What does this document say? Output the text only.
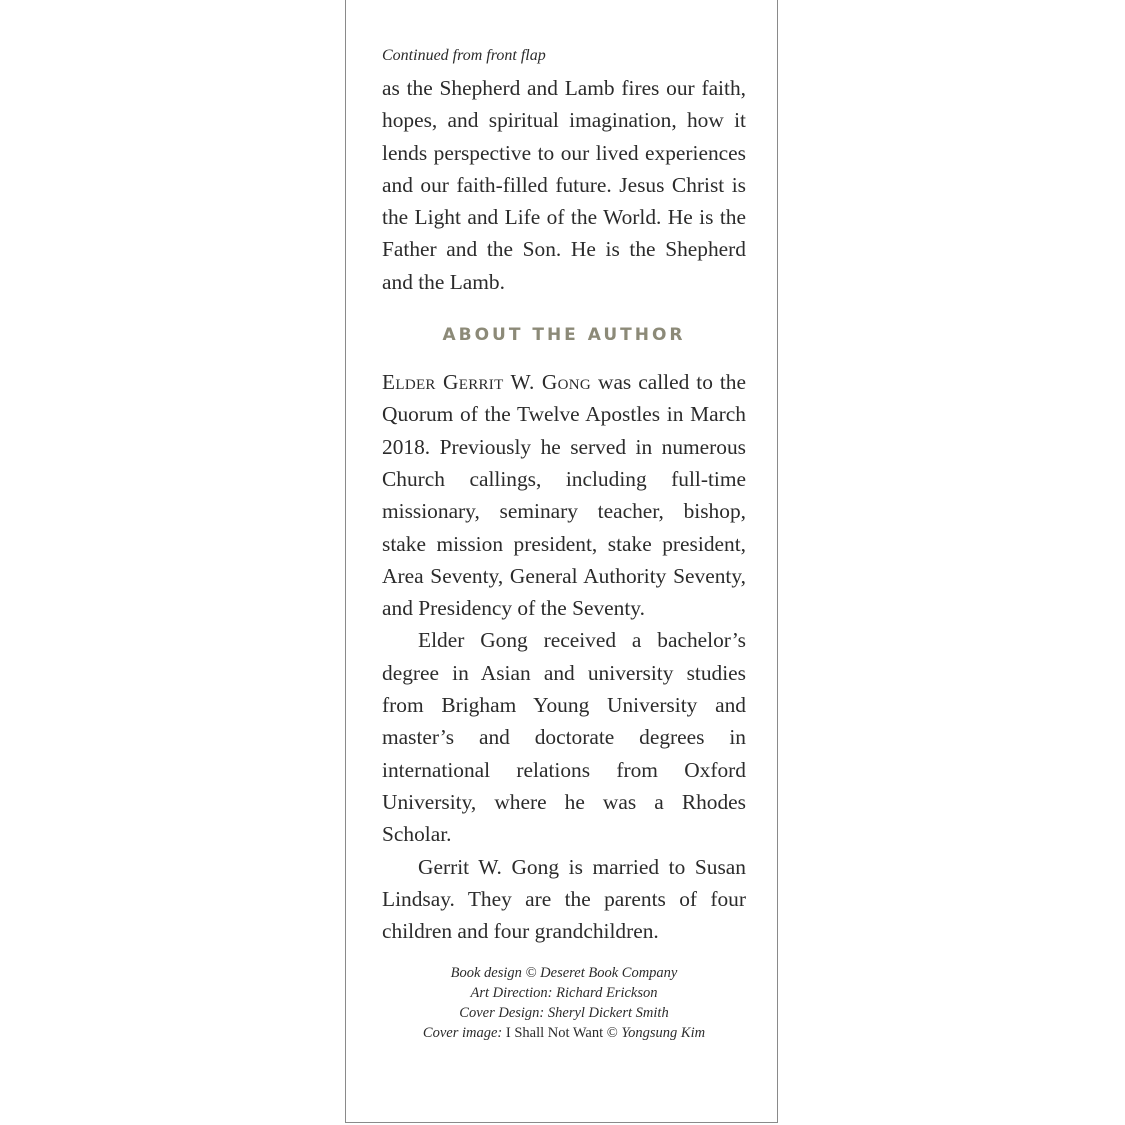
Continued from front flap

as the Shepherd and Lamb fires our faith, hopes, and spiritual imagination, how it lends perspective to our lived experiences and our faith-filled future. Jesus Christ is the Light and Life of the World. He is the Father and the Son. He is the Shepherd and the Lamb.

ABOUT THE AUTHOR

Elder Gerrit W. Gong was called to the Quorum of the Twelve Apostles in March 2018. Previously he served in numerous Church callings, including full-time missionary, seminary teacher, bishop, stake mission president, stake president, Area Seventy, General Authority Seventy, and Presidency of the Seventy.

Elder Gong received a bachelor’s degree in Asian and university studies from Brigham Young University and master’s and doctorate degrees in international relations from Oxford University, where he was a Rhodes Scholar.

Gerrit W. Gong is married to Susan Lindsay. They are the parents of four children and four grandchildren.

Book design © Deseret Book Company
Art Direction: Richard Erickson
Cover Design: Sheryl Dickert Smith
Cover image: I Shall Not Want © Yongsung Kim
